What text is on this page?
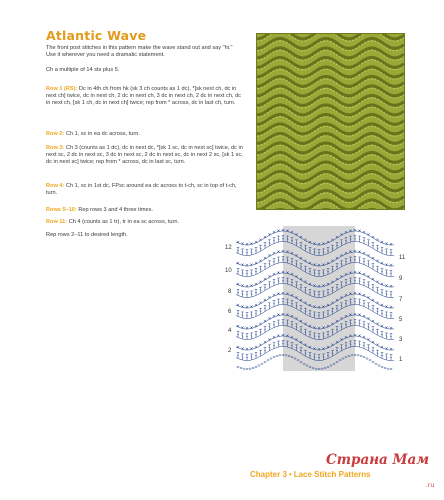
Atlantic Wave

The front post stitches in this pattern make the wave stand out and say "hi." Use it wherever you need a dramatic statement.

Ch a multiple of 14 sts plus 5.

Row 1 (RS): Dc in 4th ch from hk (sk 3 ch counts as 1 dc), *[sk next ch, dc in next ch] twice, dc in next ch, 2 dc in next ch, 3 dc in next ch, 2 dc in next ch, dc in next ch, [sk 1 ch, dc in next ch] twice; rep from * across, dc in last ch, turn.

Row 2: Ch 1, sc in ea dc across, turn.

Row 3: Ch 3 (counts as 1 dc), dc in next dc, *[sk 1 sc, dc in next sc] twice, dc in next sc, 2 dc in next sc, 3 dc in next sc, 2 dc in next sc, dc in next 2 sc, [sk 1 sc, dc in next sc] twice; rep from * across, dc in last sc, turn.

Row 4: Ch 1, sc in 1st dc, FPsc around ea dc across to t-ch, sc in top of t-ch, turn.

Rows 5–10: Rep rows 3 and 4 three times.

Row 11: Ch 4 (counts as 1 tr), tr in ea sc across, turn.

Rep rows 2–11 to desired length.

12
10
8
6
4
2
11
9
7
5
3
1
Chapter 3 • Lace Stitch Patterns
Страна Мам
.ru
